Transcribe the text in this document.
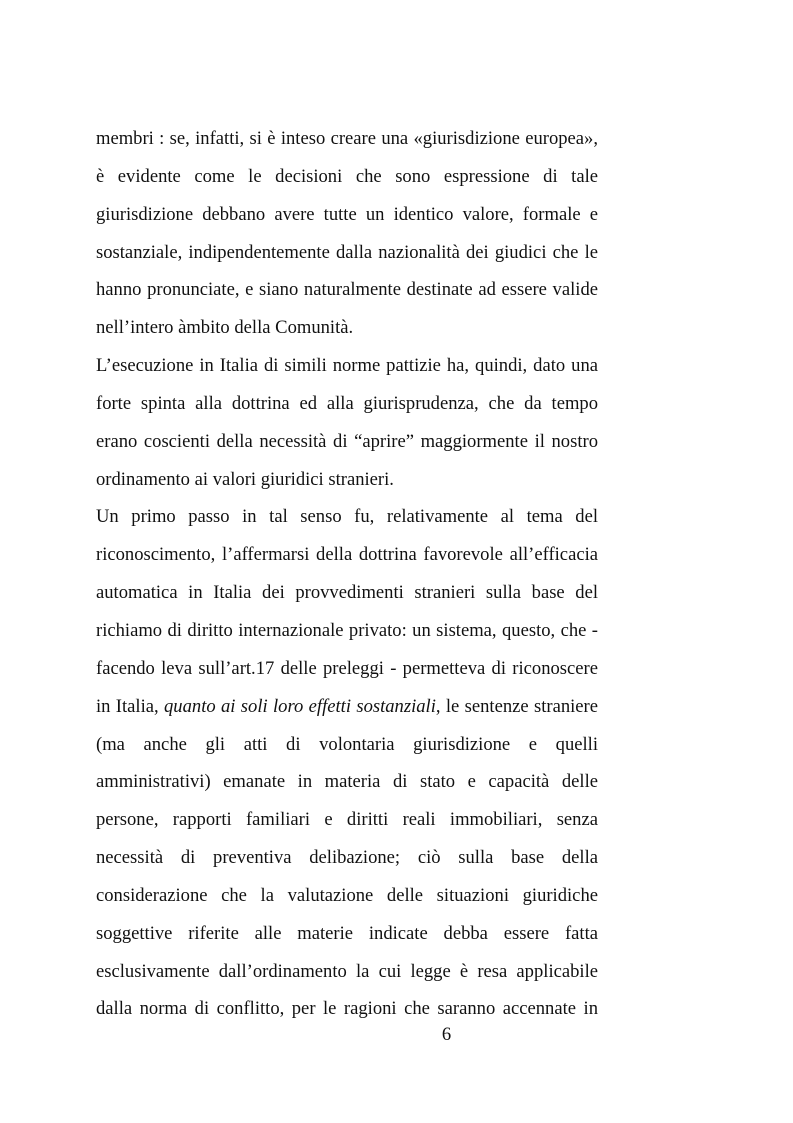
membri : se, infatti, si è inteso creare una «giurisdizione europea»,
è evidente come le decisioni che sono espressione di tale
giurisdizione debbano avere tutte un identico valore, formale e
sostanziale, indipendentemente dalla nazionalità dei giudici che le
hanno pronunciate, e siano naturalmente destinate ad essere valide
nell’intero àmbito della Comunità.
L’esecuzione in Italia di simili norme pattizie ha, quindi, dato una
forte spinta alla dottrina ed alla giurisprudenza, che da tempo
erano coscienti della necessità di “aprire” maggiormente il nostro
ordinamento ai valori giuridici stranieri.
Un primo passo in tal senso fu, relativamente al tema del
riconoscimento, l’affermarsi della dottrina favorevole all’efficacia
automatica in Italia dei provvedimenti stranieri sulla base del
richiamo di diritto internazionale privato: un sistema, questo, che -
facendo leva sull’art.17 delle preleggi - permetteva di riconoscere
in Italia, quanto ai soli loro effetti sostanziali, le sentenze straniere
(ma anche gli atti di volontaria giurisdizione e quelli
amministrativi) emanate in materia di stato e capacità delle
persone, rapporti familiari e diritti reali immobiliari, senza
necessità di preventiva delibazione; ciò sulla base della
considerazione che la valutazione delle situazioni giuridiche
soggettive riferite alle materie indicate debba essere fatta
esclusivamente dall’ordinamento la cui legge è resa applicabile
dalla norma di conflitto, per le ragioni che saranno accennate in
6
